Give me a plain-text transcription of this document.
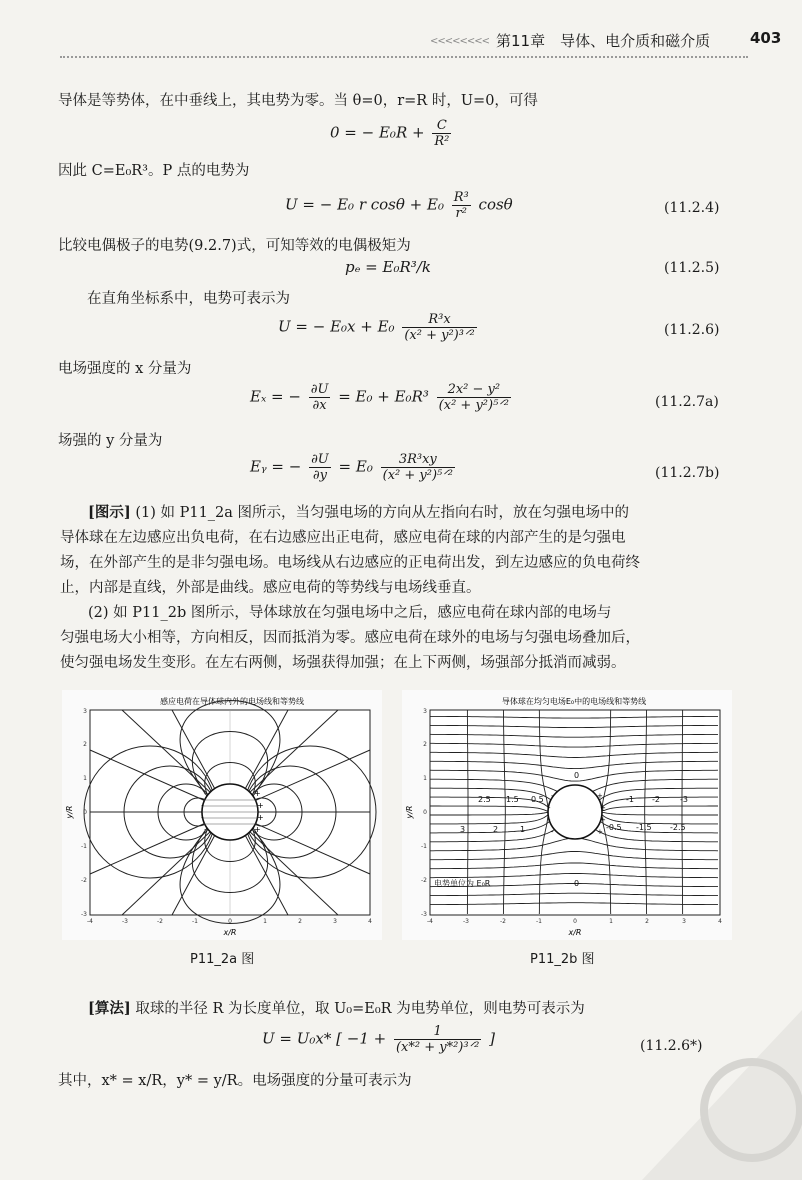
<<<<<<<< 第11章　导体、电介质和磁介质	403
导体是等势体，在中垂线上，其电势为零。当 θ=0，r=R 时，U=0，可得
0 = − $E_0R + \frac{C}{\text{R²}}$
因此 C=E₀R³。P 点的电势为
U = − E₀ r $\cos\theta + E_0 \frac{\text{R³}}{\text{r²}}$ cosθ	(11.2.4)
比较电偶极子的电势(9.2.7)式，可知等效的电偶极矩为
pₑ = E₀R³/k	(11.2.5)
在直角坐标系中，电势可表示为
U = − $E_0x + E_0 \frac{\text{R³x}}{\text{(x² + y²)³ᐟ²}}$	(11.2.6)
电场强度的 x 分量为
Eₓ = − $\frac{\partial U}{\partial x} = E_0 + E_0R^3 \frac{\text{2x² − y²}}{\text{(x² + y²)⁵ᐟ²}}$	(11.2.7a)
场强的 y 分量为
Eᵧ = − $\frac{\partial U}{\partial y} = E_0 \frac{\text{3R³xy}}{\text{(x² + y²)⁵ᐟ²}}$	(11.2.7b)
[图示] (1) 如 P11_2a 图所示，当匀强电场的方向从左指向右时，放在匀强电场中的
导体球在左边感应出负电荷，在右边感应出正电荷，感应电荷在球的内部产生的是匀强电
场，在外部产生的是非匀强电场。电场线从右边感应的正电荷出发，到左边感应的负电荷终
止，内部是直线，外部是曲线。感应电荷的等势线与电场线垂直。
(2) 如 P11_2b 图所示，导体球放在匀强电场中之后，感应电荷在球内部的电场与
匀强电场大小相等，方向相反，因而抵消为零。感应电荷在球外的电场与匀强电场叠加后，
使匀强电场发生变形。在左右两侧，场强获得加强；在上下两侧，场强部分抵消而减弱。
感应电荷在导体球内外的电场线和等势线
-
-
-
-
+
+
+
+
-4	-3	-2	-1	0	1	2	3	4
3
2
1
0
-1
-2
-3
x/R
y/R
P11_2a 图
导体球在均匀电场E₀中的电场线和等势线
-
-
-
-
+
+
+
+
0
0
2.5 1.5 0.5	-1 -2	-3
3	2	1	-0.5 -1.5 -2.5
电势单位为 E₀R
-4	-3	-2	-1	0	1	2	3	4
3
2
1
0
-1
-2
-3
x/R
y/R
P11_2b 图
[算法] 取球的半径 R 为长度单位，取 U₀=E₀R 为电势单位，则电势可表示为
U = U₀x* [ $-1 + \frac{1}{\text{(x*² + y*²)³ᐟ²}}$ ]	(11.2.6*)
其中，x* = x/R，y* = y/R。电场强度的分量可表示为
